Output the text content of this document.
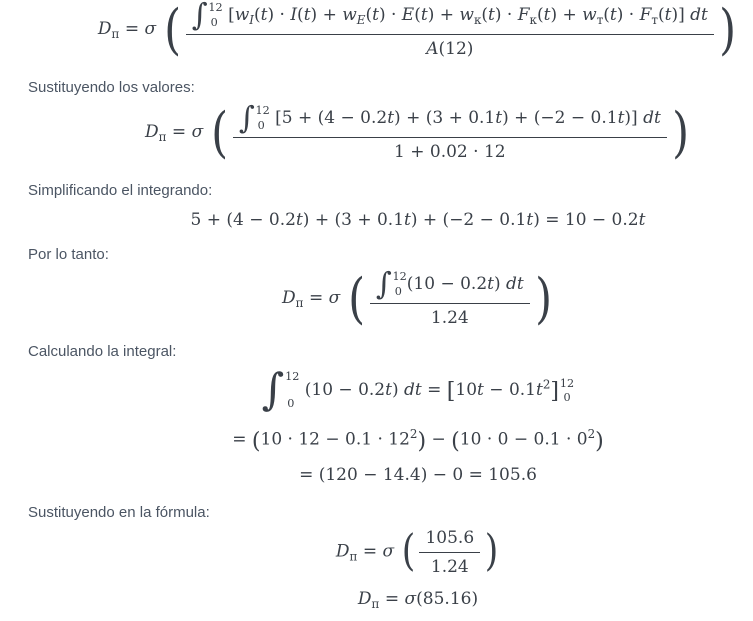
$D_п = \sigma$ ( ∫ 12
0 $[w_I(t) \cdot I(t) + w_E(t) \cdot E(t) + w_к(t) \cdot F_к(t) + w_т(t) \cdot F_т(t)]$ dt
A(12)	)
Sustituyendo los valores:
$D_п = \sigma$ ( ∫ 12
0 [5 + (4 − 0.2t) + (3 + 0.1t) + (−2 − 0.1t)] dt
1 + 0.02 · 12 )
Simplificando el integrando:
5 + (4 − 0.2t) + (3 + 0.1t) + (−2 − 0.1t) = 10 − 0.2t
Por lo tanto:
$D_п = \sigma$ ( ∫ 12
0 (10 − 0.2t) dt
1.24 )
Calculando la integral:
∫ 12
0
(10 − 0.2t) dt = $[10t - 0.1t^2]$ 12
0
= $(10 \cdot 12 - 0.1 \cdot 12^2) - (10 \cdot 0 - 0.1 \cdot 0^2)$
= (120 − 14.4) − 0 = 105.6
Sustituyendo en la fórmula:
$D_п = \sigma$ ( $\frac{105.6}{1.24}$ )
$D_п = \sigma(85.16)$
